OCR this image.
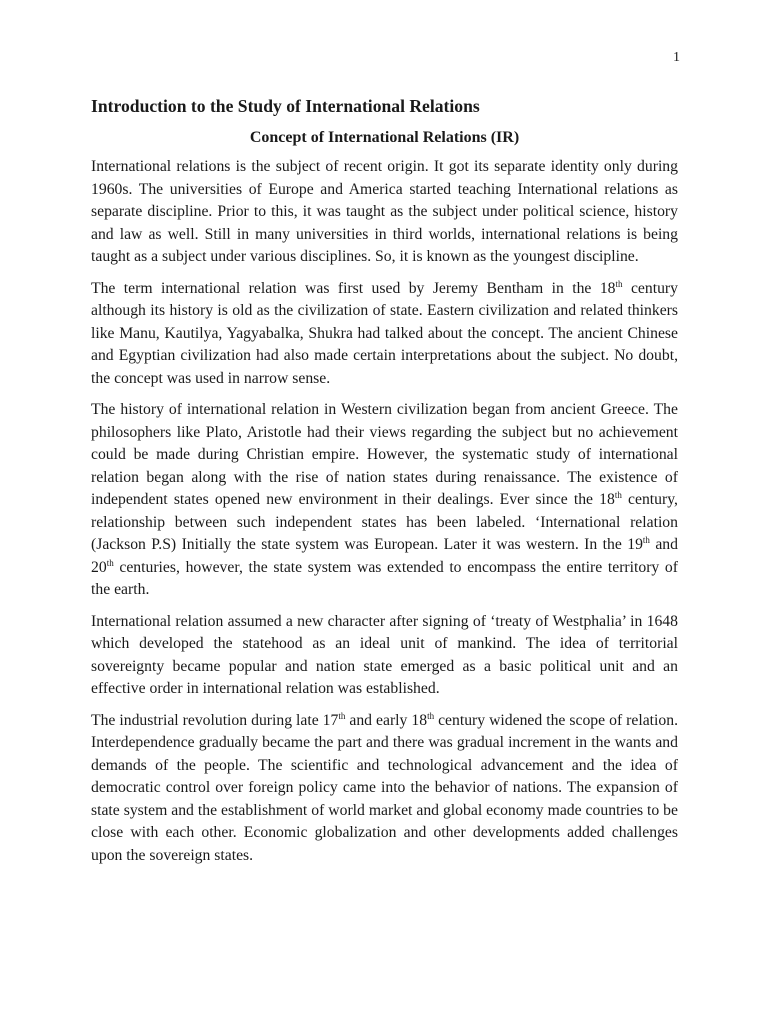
1
Introduction to the Study of International Relations
Concept of International Relations (IR)

International relations is the subject of recent origin. It got its separate identity only during 1960s. The universities of Europe and America started teaching International relations as separate discipline. Prior to this, it was taught as the subject under political science, history and law as well. Still in many universities in third worlds, international relations is being taught as a subject under various disciplines. So, it is known as the youngest discipline.

The term international relation was first used by Jeremy Bentham in the 18th century although its history is old as the civilization of state. Eastern civilization and related thinkers like Manu, Kautilya, Yagyabalka, Shukra had talked about the concept. The ancient Chinese and Egyptian civilization had also made certain interpretations about the subject. No doubt, the concept was used in narrow sense.

The history of international relation in Western civilization began from ancient Greece. The philosophers like Plato, Aristotle had their views regarding the subject but no achievement could be made during Christian empire. However, the systematic study of international relation began along with the rise of nation states during renaissance. The existence of independent states opened new environment in their dealings. Ever since the 18th century, relationship between such independent states has been labeled. ‘International relation (Jackson P.S) Initially the state system was European. Later it was western. In the 19th and 20th centuries, however, the state system was extended to encompass the entire territory of the earth.

International relation assumed a new character after signing of ‘treaty of Westphalia’ in 1648 which developed the statehood as an ideal unit of mankind. The idea of territorial sovereignty became popular and nation state emerged as a basic political unit and an effective order in international relation was established.

The industrial revolution during late 17th and early 18th century widened the scope of relation. Interdependence gradually became the part and there was gradual increment in the wants and demands of the people. The scientific and technological advancement and the idea of democratic control over foreign policy came into the behavior of nations. The expansion of state system and the establishment of world market and global economy made countries to be close with each other. Economic globalization and other developments added challenges upon the sovereign states.
